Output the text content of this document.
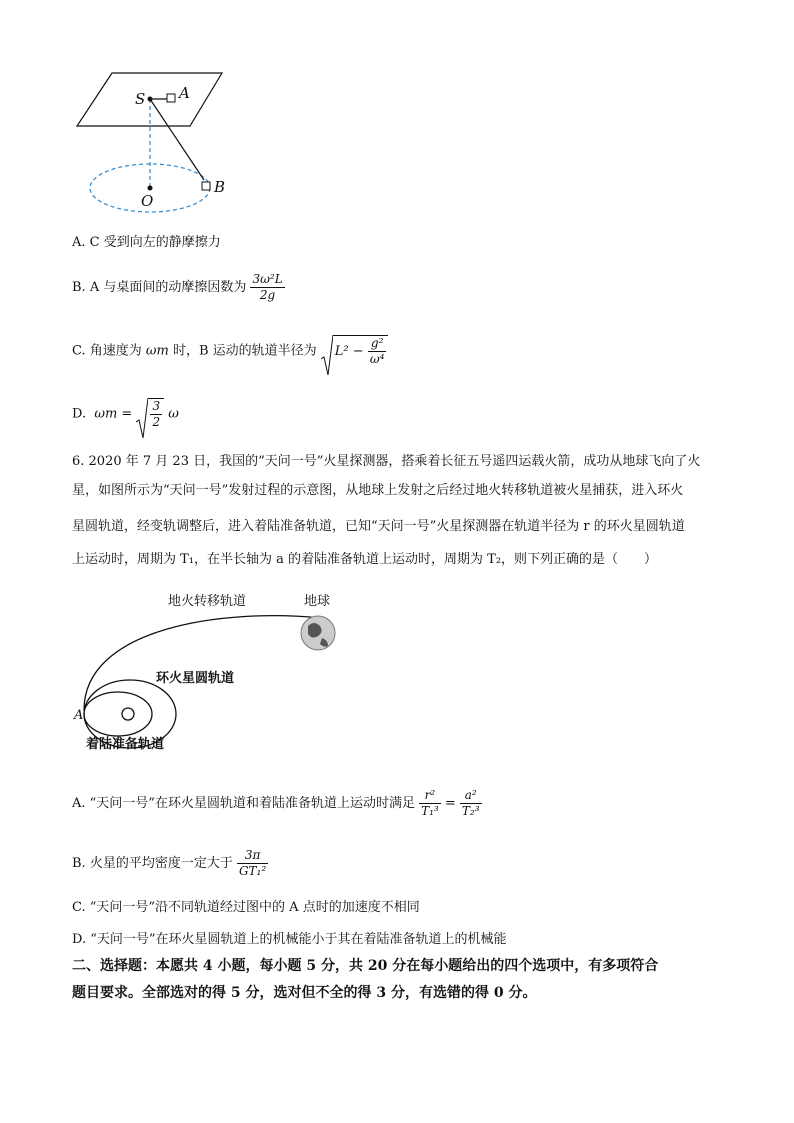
S A
O
B
A. C 受到向左的静摩擦力
B. A 与桌面间的动摩擦因数为 $\frac{\text{3ω²L}}{2g}$
C. 角速度为 ωm 时，B 运动的轨道半径为 $L^2 - \frac{\text{g²}}{\text{ω⁴}}$
D. $\omega m = \frac{3}{2}$ ω
6. 2020 年 7 月 23 日，我国的“天问一号”火星探测器，搭乘着长征五号遥四运载火箭，成功从地球飞向了火
星，如图所示为“天问一号”发射过程的示意图，从地球上发射之后经过地火转移轨道被火星捕获，进入环火
星圆轨道，经变轨调整后，进入着陆准备轨道，已知“天问一号”火星探测器在轨道半径为 r 的环火星圆轨道
上运动时，周期为 T₁，在半长轴为 a 的着陆准备轨道上运动时，周期为 T₂，则下列正确的是（　　）
地火转移轨道	地球
环火星圆轨道
A
着陆准备轨道
A. “天问一号”在环火星圆轨道和着陆准备轨道上运动时满足 $\frac{\text{r²}}{\text{T₁³}} = \frac{\text{a²}}{\text{T₂³}}$
B. 火星的平均密度一定大于 $\frac{3\pi}{\text{GT₁²}}$
C. “天问一号”沿不同轨道经过图中的 A 点时的加速度不相同
D. “天问一号”在环火星圆轨道上的机械能小于其在着陆准备轨道上的机械能
二、选择题：本愿共 4 小题，每小题 5 分，共 20 分在每小题给出的四个选项中，有多项符合
题目要求。全部选对的得 5 分，选对但不全的得 3 分，有选错的得 0 分。
